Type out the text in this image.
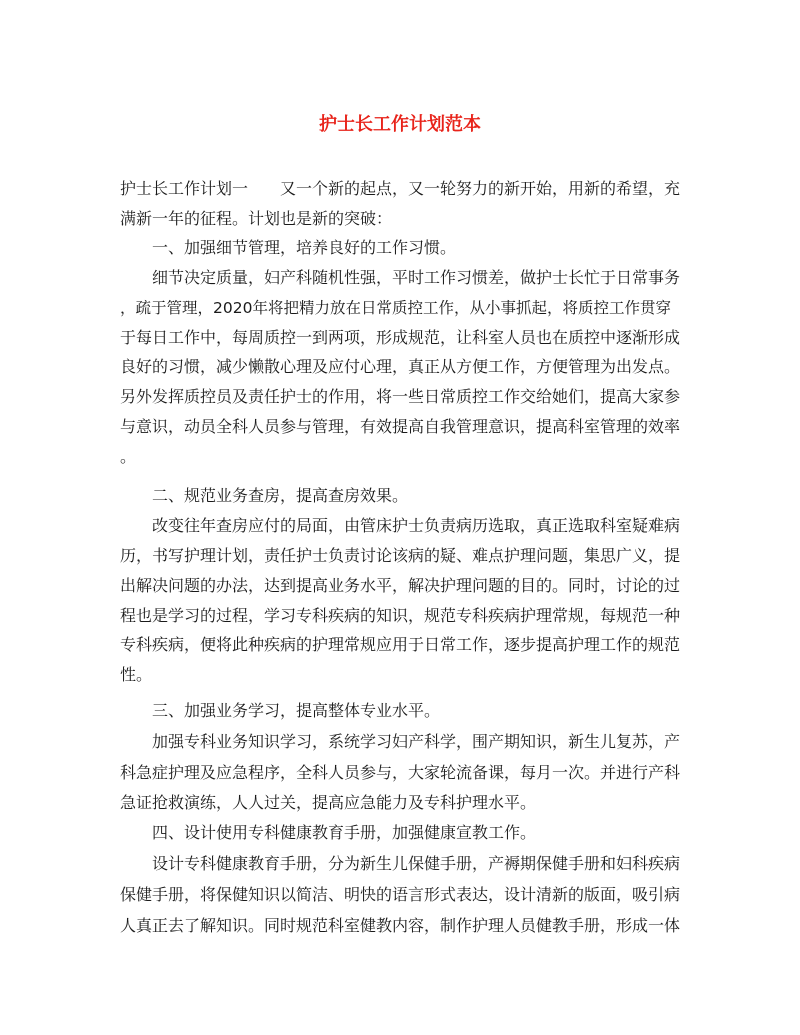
护士长工作计划范本

护士长工作计划一　　又一个新的起点，又一轮努力的新开始，用新的希望，充

满新一年的征程。计划也是新的突破：

一、加强细节管理，培养良好的工作习惯。

细节决定质量，妇产科随机性强，平时工作习惯差，做护士长忙于日常事务

，疏于管理，2020年将把精力放在日常质控工作，从小事抓起，将质控工作贯穿

于每日工作中，每周质控一到两项，形成规范，让科室人员也在质控中逐渐形成

良好的习惯，减少懒散心理及应付心理，真正从方便工作，方便管理为出发点。

另外发挥质控员及责任护士的作用，将一些日常质控工作交给她们，提高大家参

与意识，动员全科人员参与管理，有效提高自我管理意识，提高科室管理的效率

。

二、规范业务查房，提高查房效果。

改变往年查房应付的局面，由管床护士负责病历选取，真正选取科室疑难病

历，书写护理计划，责任护士负责讨论该病的疑、难点护理问题，集思广义，提

出解决问题的办法，达到提高业务水平，解决护理问题的目的。同时，讨论的过

程也是学习的过程，学习专科疾病的知识，规范专科疾病护理常规，每规范一种

专科疾病，便将此种疾病的护理常规应用于日常工作，逐步提高护理工作的规范

性。

三、加强业务学习，提高整体专业水平。

加强专科业务知识学习，系统学习妇产科学，围产期知识，新生儿复苏，产

科急症护理及应急程序，全科人员参与，大家轮流备课，每月一次。并进行产科

急证抢救演练，人人过关，提高应急能力及专科护理水平。

四、设计使用专科健康教育手册，加强健康宣教工作。

设计专科健康教育手册，分为新生儿保健手册，产褥期保健手册和妇科疾病

保健手册，将保健知识以简洁、明快的语言形式表达，设计清新的版面，吸引病

人真正去了解知识。同时规范科室健教内容，制作护理人员健教手册，形成一体
